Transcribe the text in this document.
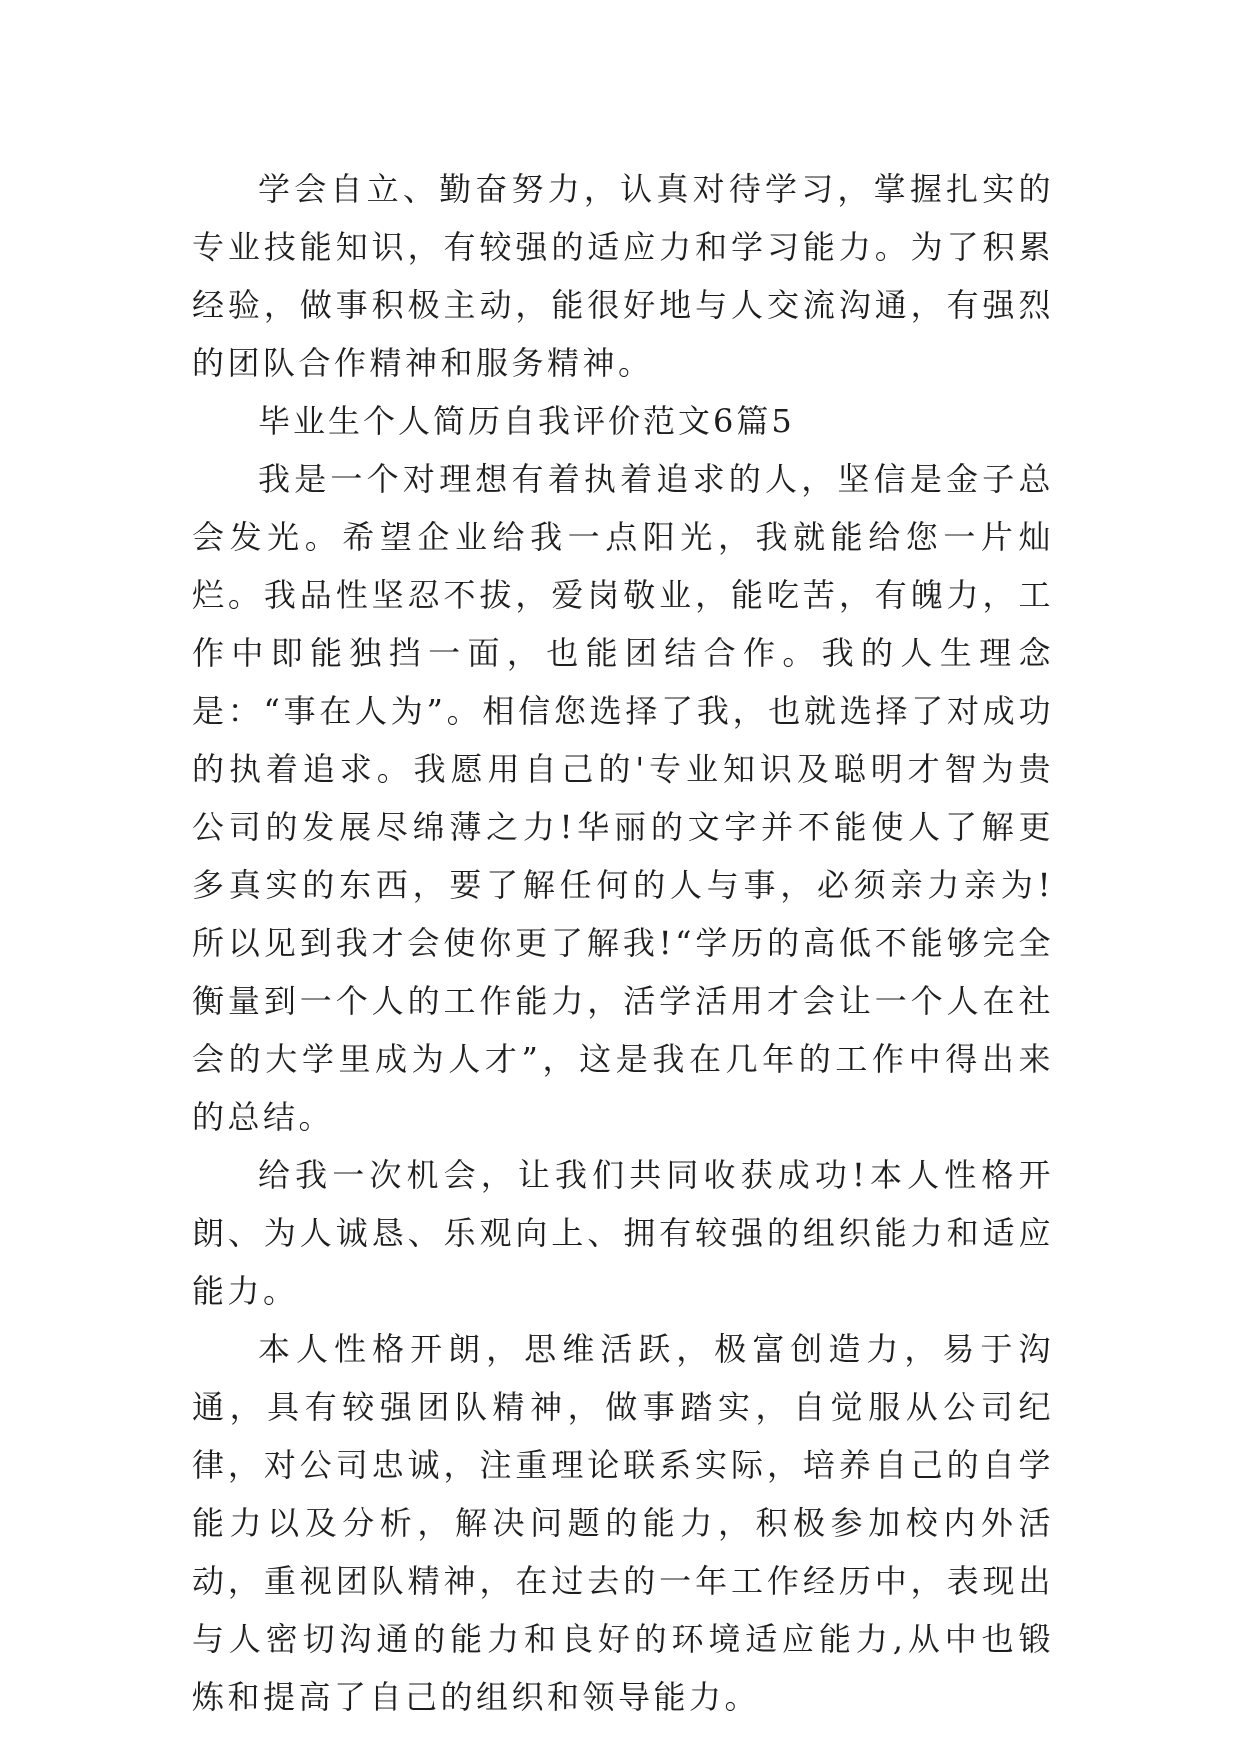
学会自立、勤奋努力，认真对待学习，掌握扎实的专业技能知识，有较强的适应力和学习能力。为了积累经验，做事积极主动，能很好地与人交流沟通，有强烈的团队合作精神和服务精神。

毕业生个人简历自我评价范文6篇5

我是一个对理想有着执着追求的人，坚信是金子总会发光。希望企业给我一点阳光，我就能给您一片灿烂。我品性坚忍不拔，爱岗敬业，能吃苦，有魄力，工作中即能独挡一面，也能团结合作。我的人生理念是：“事在人为”。相信您选择了我，也就选择了对成功的执着追求。我愿用自己的'专业知识及聪明才智为贵公司的发展尽绵薄之力!华丽的文字并不能使人了解更多真实的东西，要了解任何的人与事，必须亲力亲为!所以见到我才会使你更了解我!“学历的高低不能够完全衡量到一个人的工作能力，活学活用才会让一个人在社会的大学里成为人才”，这是我在几年的工作中得出来的总结。

给我一次机会，让我们共同收获成功!本人性格开朗、为人诚恳、乐观向上、拥有较强的组织能力和适应能力。

本人性格开朗，思维活跃，极富创造力，易于沟通，具有较强团队精神，做事踏实，自觉服从公司纪律，对公司忠诚，注重理论联系实际，培养自己的自学能力以及分析，解决问题的能力，积极参加校内外活动，重视团队精神，在过去的一年工作经历中，表现出与人密切沟通的能力和良好的环境适应能力,从中也锻炼和提高了自己的组织和领导能力。
